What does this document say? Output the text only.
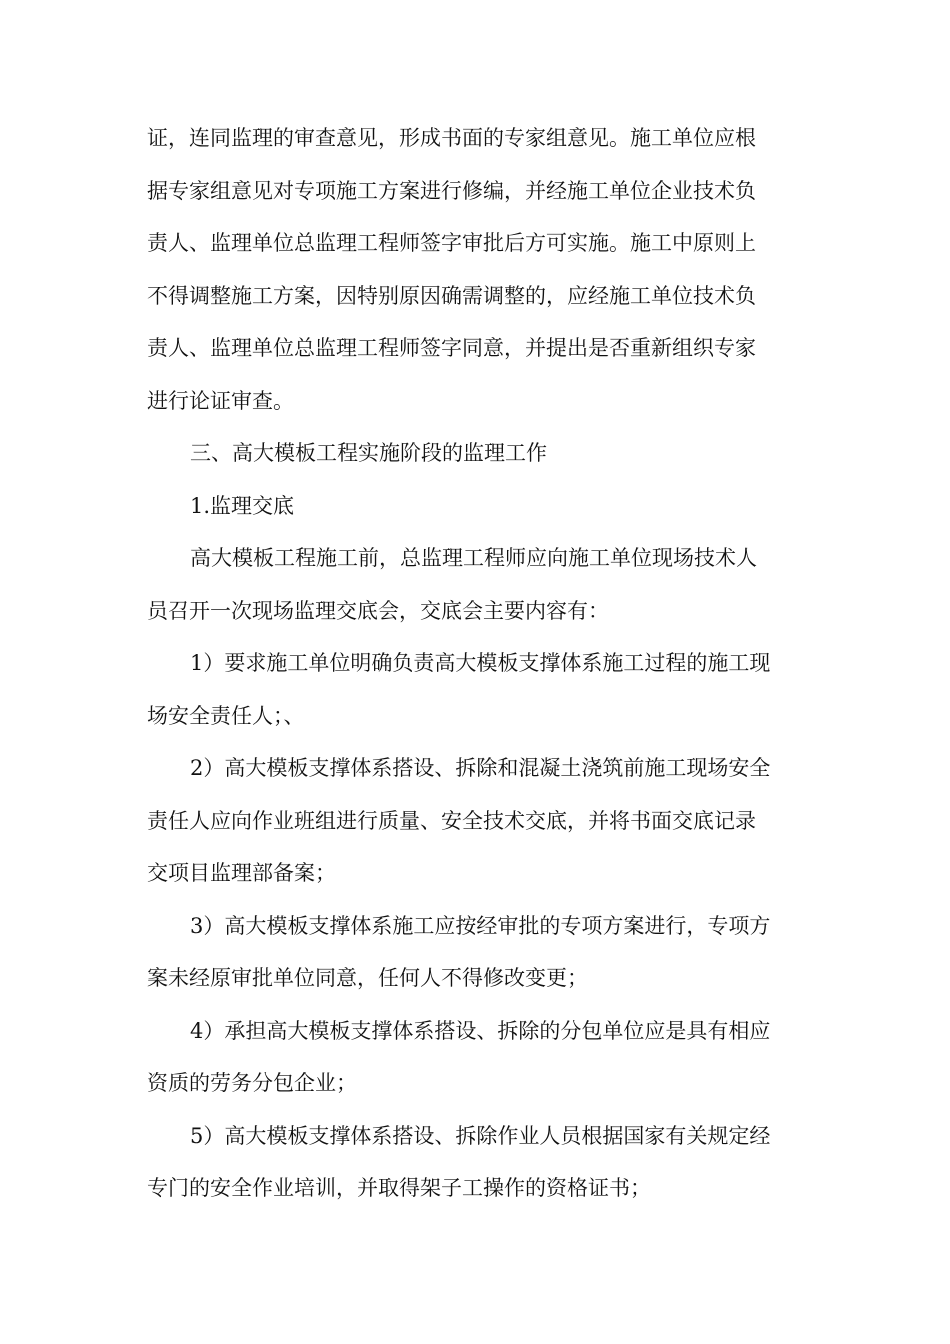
证，连同监理的审查意见，形成书面的专家组意见。施工单位应根
据专家组意见对专项施工方案进行修编，并经施工单位企业技术负
责人、监理单位总监理工程师签字审批后方可实施。施工中原则上
不得调整施工方案，因特别原因确需调整的，应经施工单位技术负
责人、监理单位总监理工程师签字同意，并提出是否重新组织专家
进行论证审查。
三、高大模板工程实施阶段的监理工作
1.监理交底
高大模板工程施工前，总监理工程师应向施工单位现场技术人
员召开一次现场监理交底会，交底会主要内容有：
1）要求施工单位明确负责高大模板支撑体系施工过程的施工现
场安全责任人；、
2）高大模板支撑体系搭设、拆除和混凝土浇筑前施工现场安全
责任人应向作业班组进行质量、安全技术交底，并将书面交底记录
交项目监理部备案；
3）高大模板支撑体系施工应按经审批的专项方案进行，专项方
案未经原审批单位同意，任何人不得修改变更；
4）承担高大模板支撑体系搭设、拆除的分包单位应是具有相应
资质的劳务分包企业；
5）高大模板支撑体系搭设、拆除作业人员根据国家有关规定经
专门的安全作业培训，并取得架子工操作的资格证书；
